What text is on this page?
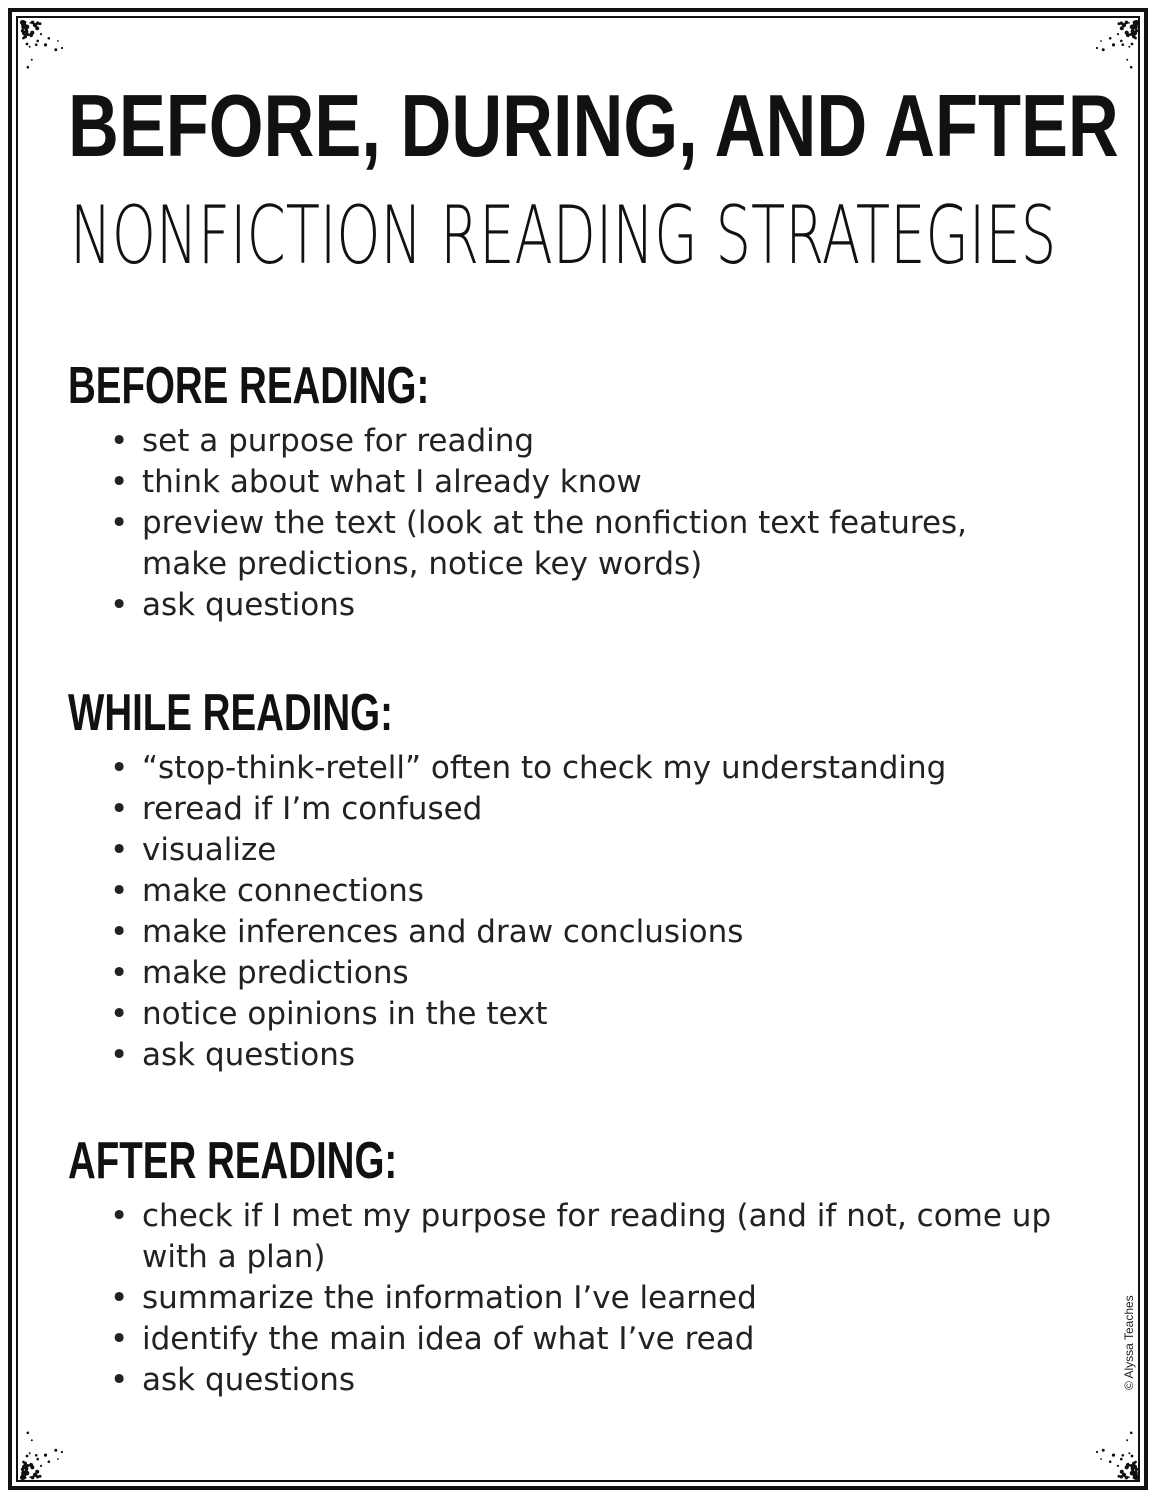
BEFORE, DURING, AND AFTER
NONFICTION READING STRATEGIES
BEFORE READING:
• set a purpose for reading
• think about what I already know
• preview the text (look at the nonfiction text features, make predictions, notice key words)
• ask questions
WHILE READING:
• “stop-think-retell” often to check my understanding
• reread if I’m confused
• visualize
• make connections
• make inferences and draw conclusions
• make predictions
• notice opinions in the text
• ask questions
AFTER READING:
• check if I met my purpose for reading (and if not, come up with a plan)
• summarize the information I’ve learned
• identify the main idea of what I’ve read
• ask questions	© Alyssa Teaches
